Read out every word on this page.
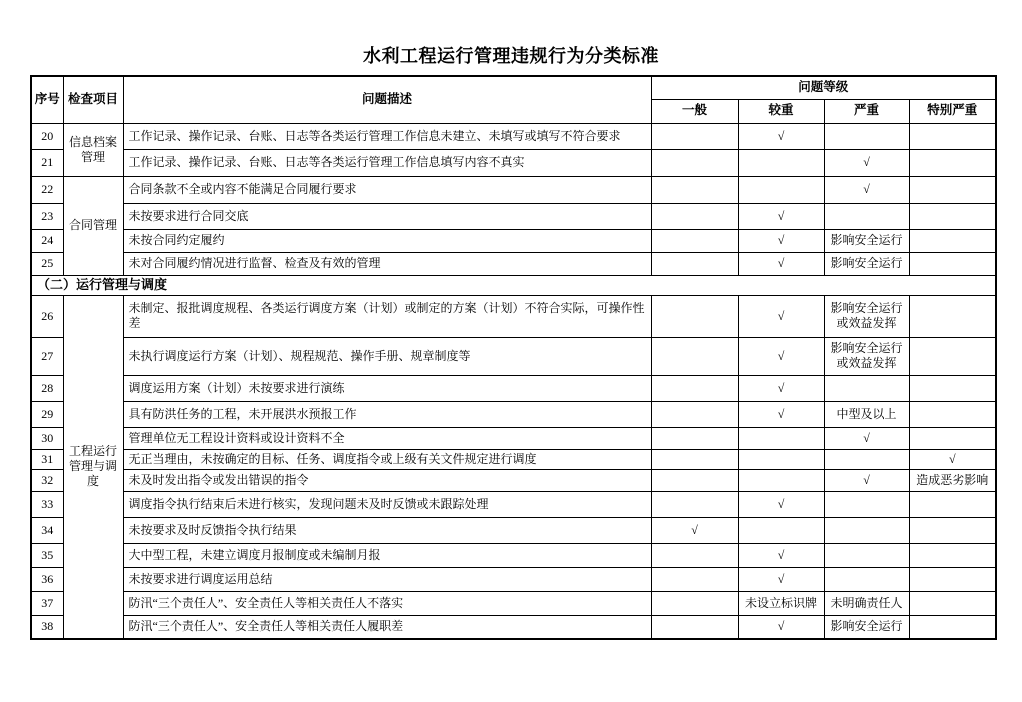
水利工程运行管理违规行为分类标准
序号	检查项目	问题描述	问题等级			
			一般	较重	严重	特别严重
20	信息档案管理	工作记录、操作记录、台账、日志等各类运行管理工作信息未建立、未填写或填写不符合要求		√		
21		工作记录、操作记录、台账、日志等各类运行管理工作信息填写内容不真实			√	
22	合同管理	合同条款不全或内容不能满足合同履行要求			√	
23		未按要求进行合同交底		√		
24		未按合同约定履约		√	影响安全运行	
25		未对合同履约情况进行监督、检查及有效的管理		√	影响安全运行	
（二）运行管理与调度						
26	工程运行管理与调度	未制定、报批调度规程、各类运行调度方案（计划）或制定的方案（计划）不符合实际，可操作性差		√	影响安全运行或效益发挥	
27		未执行调度运行方案（计划）、规程规范、操作手册、规章制度等		√	影响安全运行或效益发挥	
28		调度运用方案（计划）未按要求进行演练		√		
29		具有防洪任务的工程，未开展洪水预报工作		√	中型及以上	
30		管理单位无工程设计资料或设计资料不全			√	
31		无正当理由，未按确定的目标、任务、调度指令或上级有关文件规定进行调度				√
32		未及时发出指令或发出错误的指令			√	造成恶劣影响
33		调度指令执行结束后未进行核实，发现问题未及时反馈或未跟踪处理		√		
34		未按要求及时反馈指令执行结果	√			
35		大中型工程，未建立调度月报制度或未编制月报		√		
36		未按要求进行调度运用总结		√		
37		防汛“三个责任人”、安全责任人等相关责任人不落实		未设立标识牌	未明确责任人	
38		防汛“三个责任人”、安全责任人等相关责任人履职差		√	影响安全运行	
